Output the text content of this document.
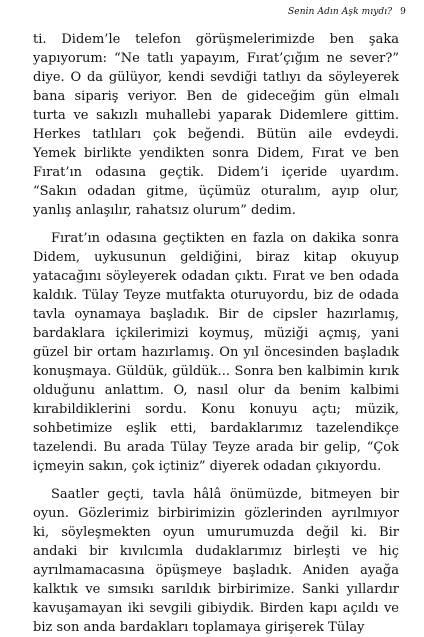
Senin Adın Aşk mıydı? 9

ti. Didem’le telefon görüşmelerimizde ben şaka yapıyorum: “Ne tatlı yapayım, Fırat’çığım ne sever?” diye. O da gülüyor, kendi sevdiği tatlıyı da söyleyerek bana sipariş veriyor. Ben de gideceğim gün elmalı turta ve sakızlı muhallebi yaparak Didemlere gittim. Herkes tatlıları çok beğendi. Bütün aile evdeydi. Yemek birlikte yendikten sonra Didem, Fırat ve ben Fırat’ın odasına geçtik. Didem’i içeride uyardım. “Sakın odadan gitme, üçümüz oturalım, ayıp olur, yanlış anlaşılır, rahatsız olurum” dedim.

Fırat’ın odasına geçtikten en fazla on dakika sonra Didem, uykusunun geldiğini, biraz kitap okuyup yatacağını söyleyerek odadan çıktı. Fırat ve ben odada kaldık. Tülay Teyze mutfakta oturuyordu, biz de odada tavla oynamaya başladık. Bir de cipsler hazırlamış, bardaklara içkilerimizi koymuş, müziği açmış, yani güzel bir ortam hazırlamış. On yıl öncesinden başladık konuşmaya. Güldük, güldük... Sonra ben kalbimin kırık olduğunu anlattım. O, nasıl olur da benim kalbimi kırabildiklerini sordu. Konu konuyu açtı; müzik, sohbetimize eşlik etti, bardaklarımız tazelendikçe tazelendi. Bu arada Tülay Teyze arada bir gelip, “Çok içmeyin sakın, çok içtiniz” diyerek odadan çıkıyordu.

Saatler geçti, tavla hâlâ önümüzde, bitmeyen bir oyun. Gözlerimiz birbirimizin gözlerinden ayrılmıyor ki, söyleşmekten oyun umurumuzda değil ki. Bir andaki bir kıvılcımla dudaklarımız birleşti ve hiç ayrılmamacasına öpüşmeye başladık. Aniden ayağa kalktık ve sımsıkı sarıldık birbirimize. Sanki yıllardır kavuşamayan iki sevgili gibiydik. Birden kapı açıldı ve biz son anda bardakları toplamaya girişerek Tülay
